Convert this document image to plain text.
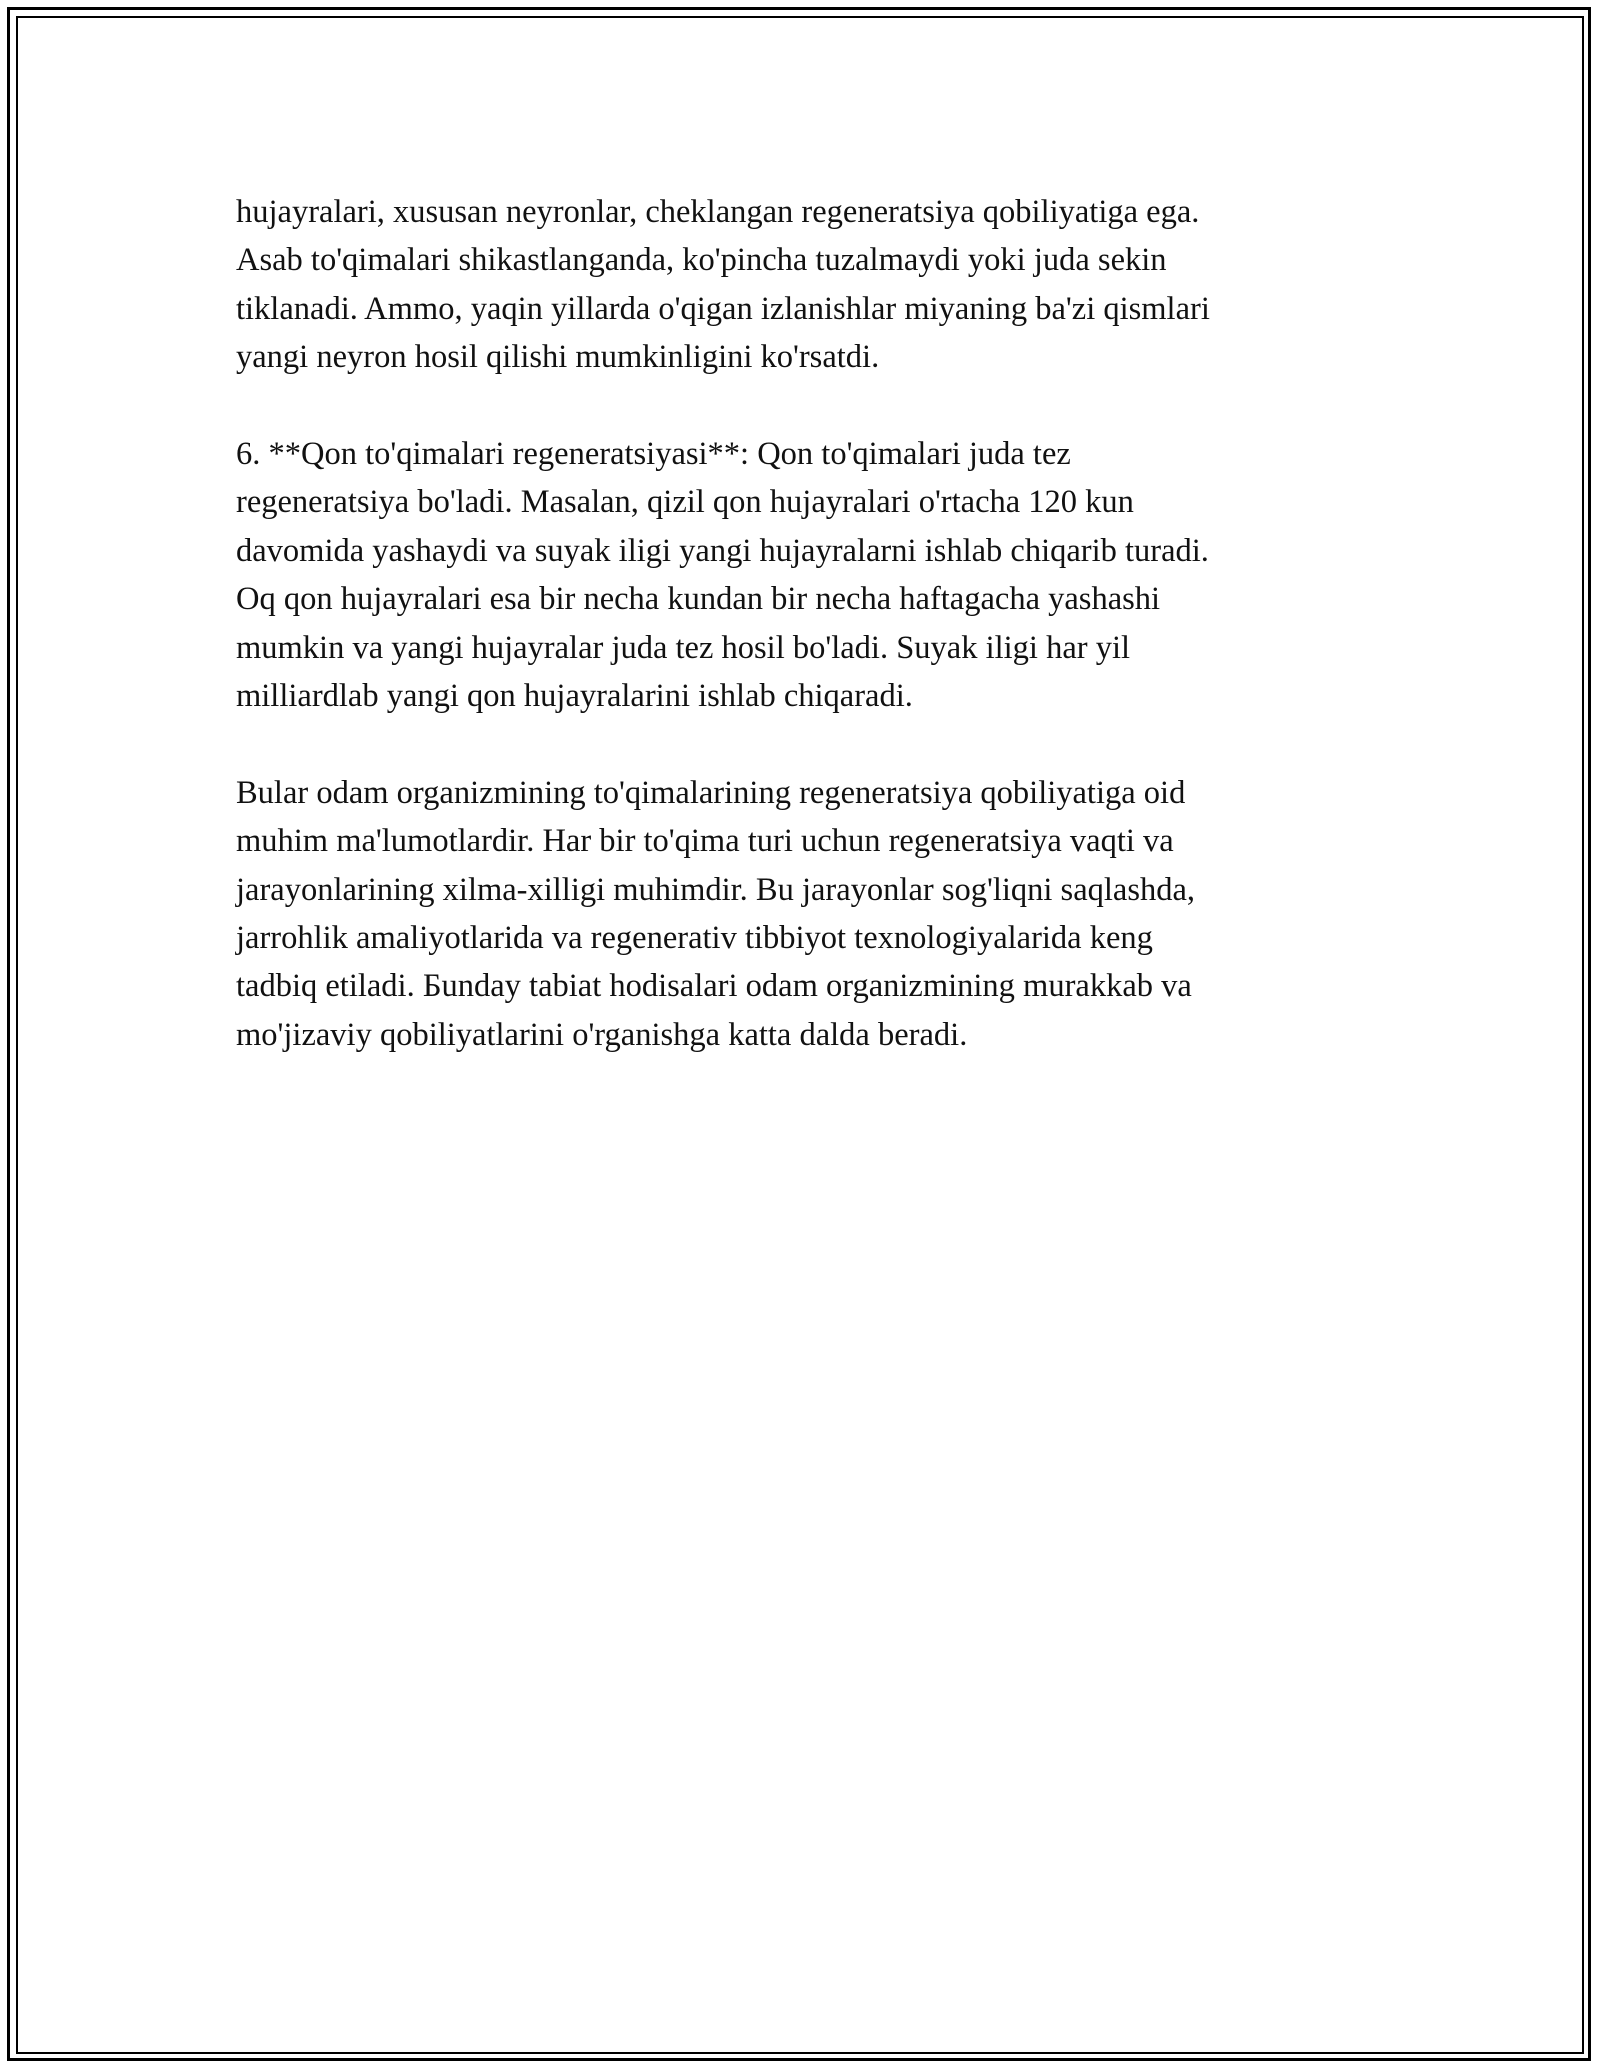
hujayralari, xususan neyronlar, cheklangan regeneratsiya qobiliyatiga ega.
Asab to'qimalari shikastlanganda, ko'pincha tuzalmaydi yoki juda sekin
tiklanadi. Ammo, yaqin yillarda o'qigan izlanishlar miyaning ba'zi qismlari
yangi neyron hosil qilishi mumkinligini ko'rsatdi.

6. **Qon to'qimalari regeneratsiyasi**: Qon to'qimalari juda tez
regeneratsiya bo'ladi. Masalan, qizil qon hujayralari o'rtacha 120 kun
davomida yashaydi va suyak iligi yangi hujayralarni ishlab chiqarib turadi.
Oq qon hujayralari esa bir necha kundan bir necha haftagacha yashashi
mumkin va yangi hujayralar juda tez hosil bo'ladi. Suyak iligi har yil
milliardlab yangi qon hujayralarini ishlab chiqaradi.

Bular odam organizmining to'qimalarining regeneratsiya qobiliyatiga oid
muhim ma'lumotlardir. Har bir to'qima turi uchun regeneratsiya vaqti va
jarayonlarining xilma-xilligi muhimdir. Bu jarayonlar sog'liqni saqlashda,
jarrohlik amaliyotlarida va regenerativ tibbiyot texnologiyalarida keng
tadbiq etiladi. Бunday tabiat hodisalari odam organizmining murakkab va
mo'jizaviy qobiliyatlarini o'rganishga katta dalda beradi.
